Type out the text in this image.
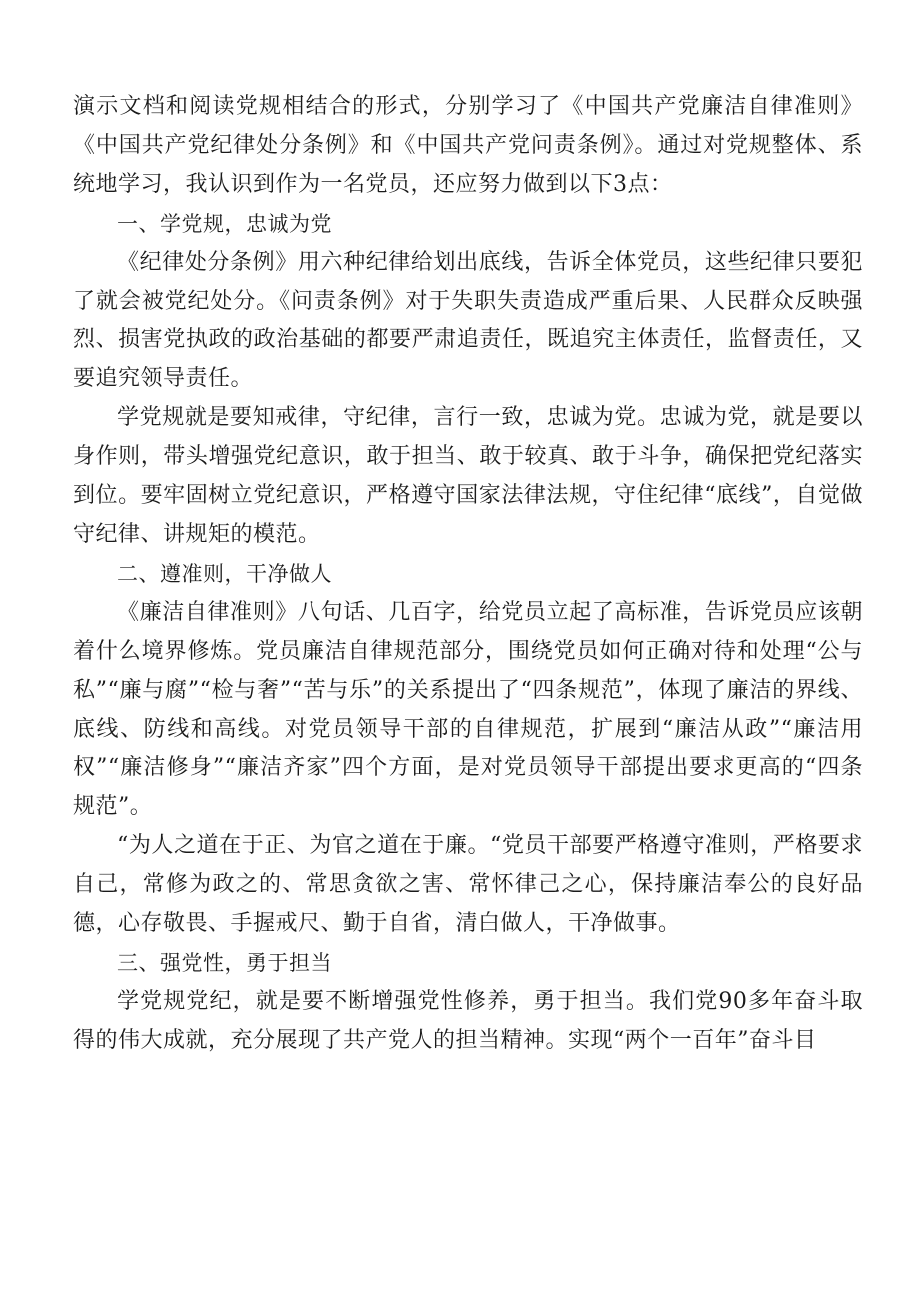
演示文档和阅读党规相结合的形式，分别学习了《中国共产党廉洁自律准则》《中国共产党纪律处分条例》和《中国共产党问责条例》。通过对党规整体、系统地学习，我认识到作为一名党员，还应努力做到以下3点：

一、学党规，忠诚为党

《纪律处分条例》用六种纪律给划出底线，告诉全体党员，这些纪律只要犯了就会被党纪处分。《问责条例》对于失职失责造成严重后果、人民群众反映强烈、损害党执政的政治基础的都要严肃追责任，既追究主体责任，监督责任，又要追究领导责任。

学党规就是要知戒律，守纪律，言行一致，忠诚为党。忠诚为党，就是要以身作则，带头增强党纪意识，敢于担当、敢于较真、敢于斗争，确保把党纪落实到位。要牢固树立党纪意识，严格遵守国家法律法规，守住纪律“底线”，自觉做守纪律、讲规矩的模范。

二、遵准则，干净做人

《廉洁自律准则》八句话、几百字，给党员立起了高标准，告诉党员应该朝着什么境界修炼。党员廉洁自律规范部分，围绕党员如何正确对待和处理“公与私”“廉与腐”“检与奢”“苦与乐”的关系提出了“四条规范”，体现了廉洁的界线、底线、防线和高线。对党员领导干部的自律规范，扩展到“廉洁从政”“廉洁用权”“廉洁修身”“廉洁齐家”四个方面，是对党员领导干部提出要求更高的“四条规范”。

“为人之道在于正、为官之道在于廉。“党员干部要严格遵守准则，严格要求自己，常修为政之的、常思贪欲之害、常怀律己之心，保持廉洁奉公的良好品德，心存敬畏、手握戒尺、勤于自省，清白做人，干净做事。

三、强党性，勇于担当

学党规党纪，就是要不断增强党性修养，勇于担当。我们党90多年奋斗取得的伟大成就，充分展现了共产党人的担当精神。实现“两个一百年”奋斗目
